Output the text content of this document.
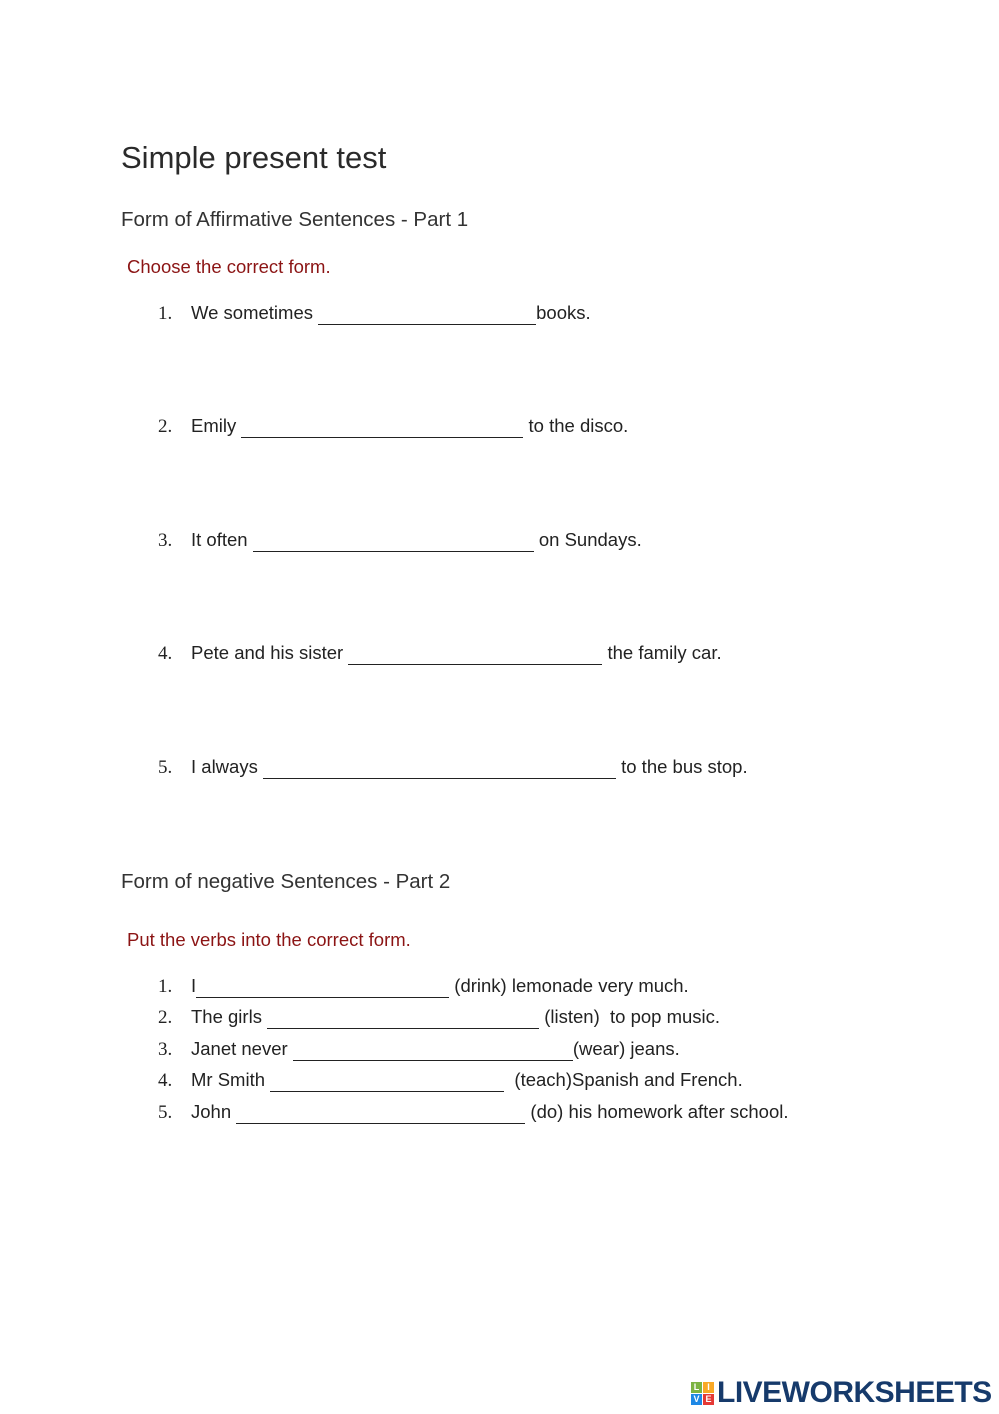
Simple present test
Form of Affirmative Sentences - Part 1
Choose the correct form.
1.	We sometimes	books.
2.	Emily	to the disco.
3.	It often	on Sundays.
4.	Pete and his sister	the family car.
5.	I always	to the bus stop.
Form of negative Sentences - Part 2
Put the verbs into the correct form.
1.	I	(drink) lemonade very much.
2.	The girls	(listen)  to pop music.
3.	Janet never	(wear) jeans.
4.	Mr Smith	(teach)Spanish and French.
5.	John	(do) his homework after school.
L I
V E LIVEWORKSHEETS
